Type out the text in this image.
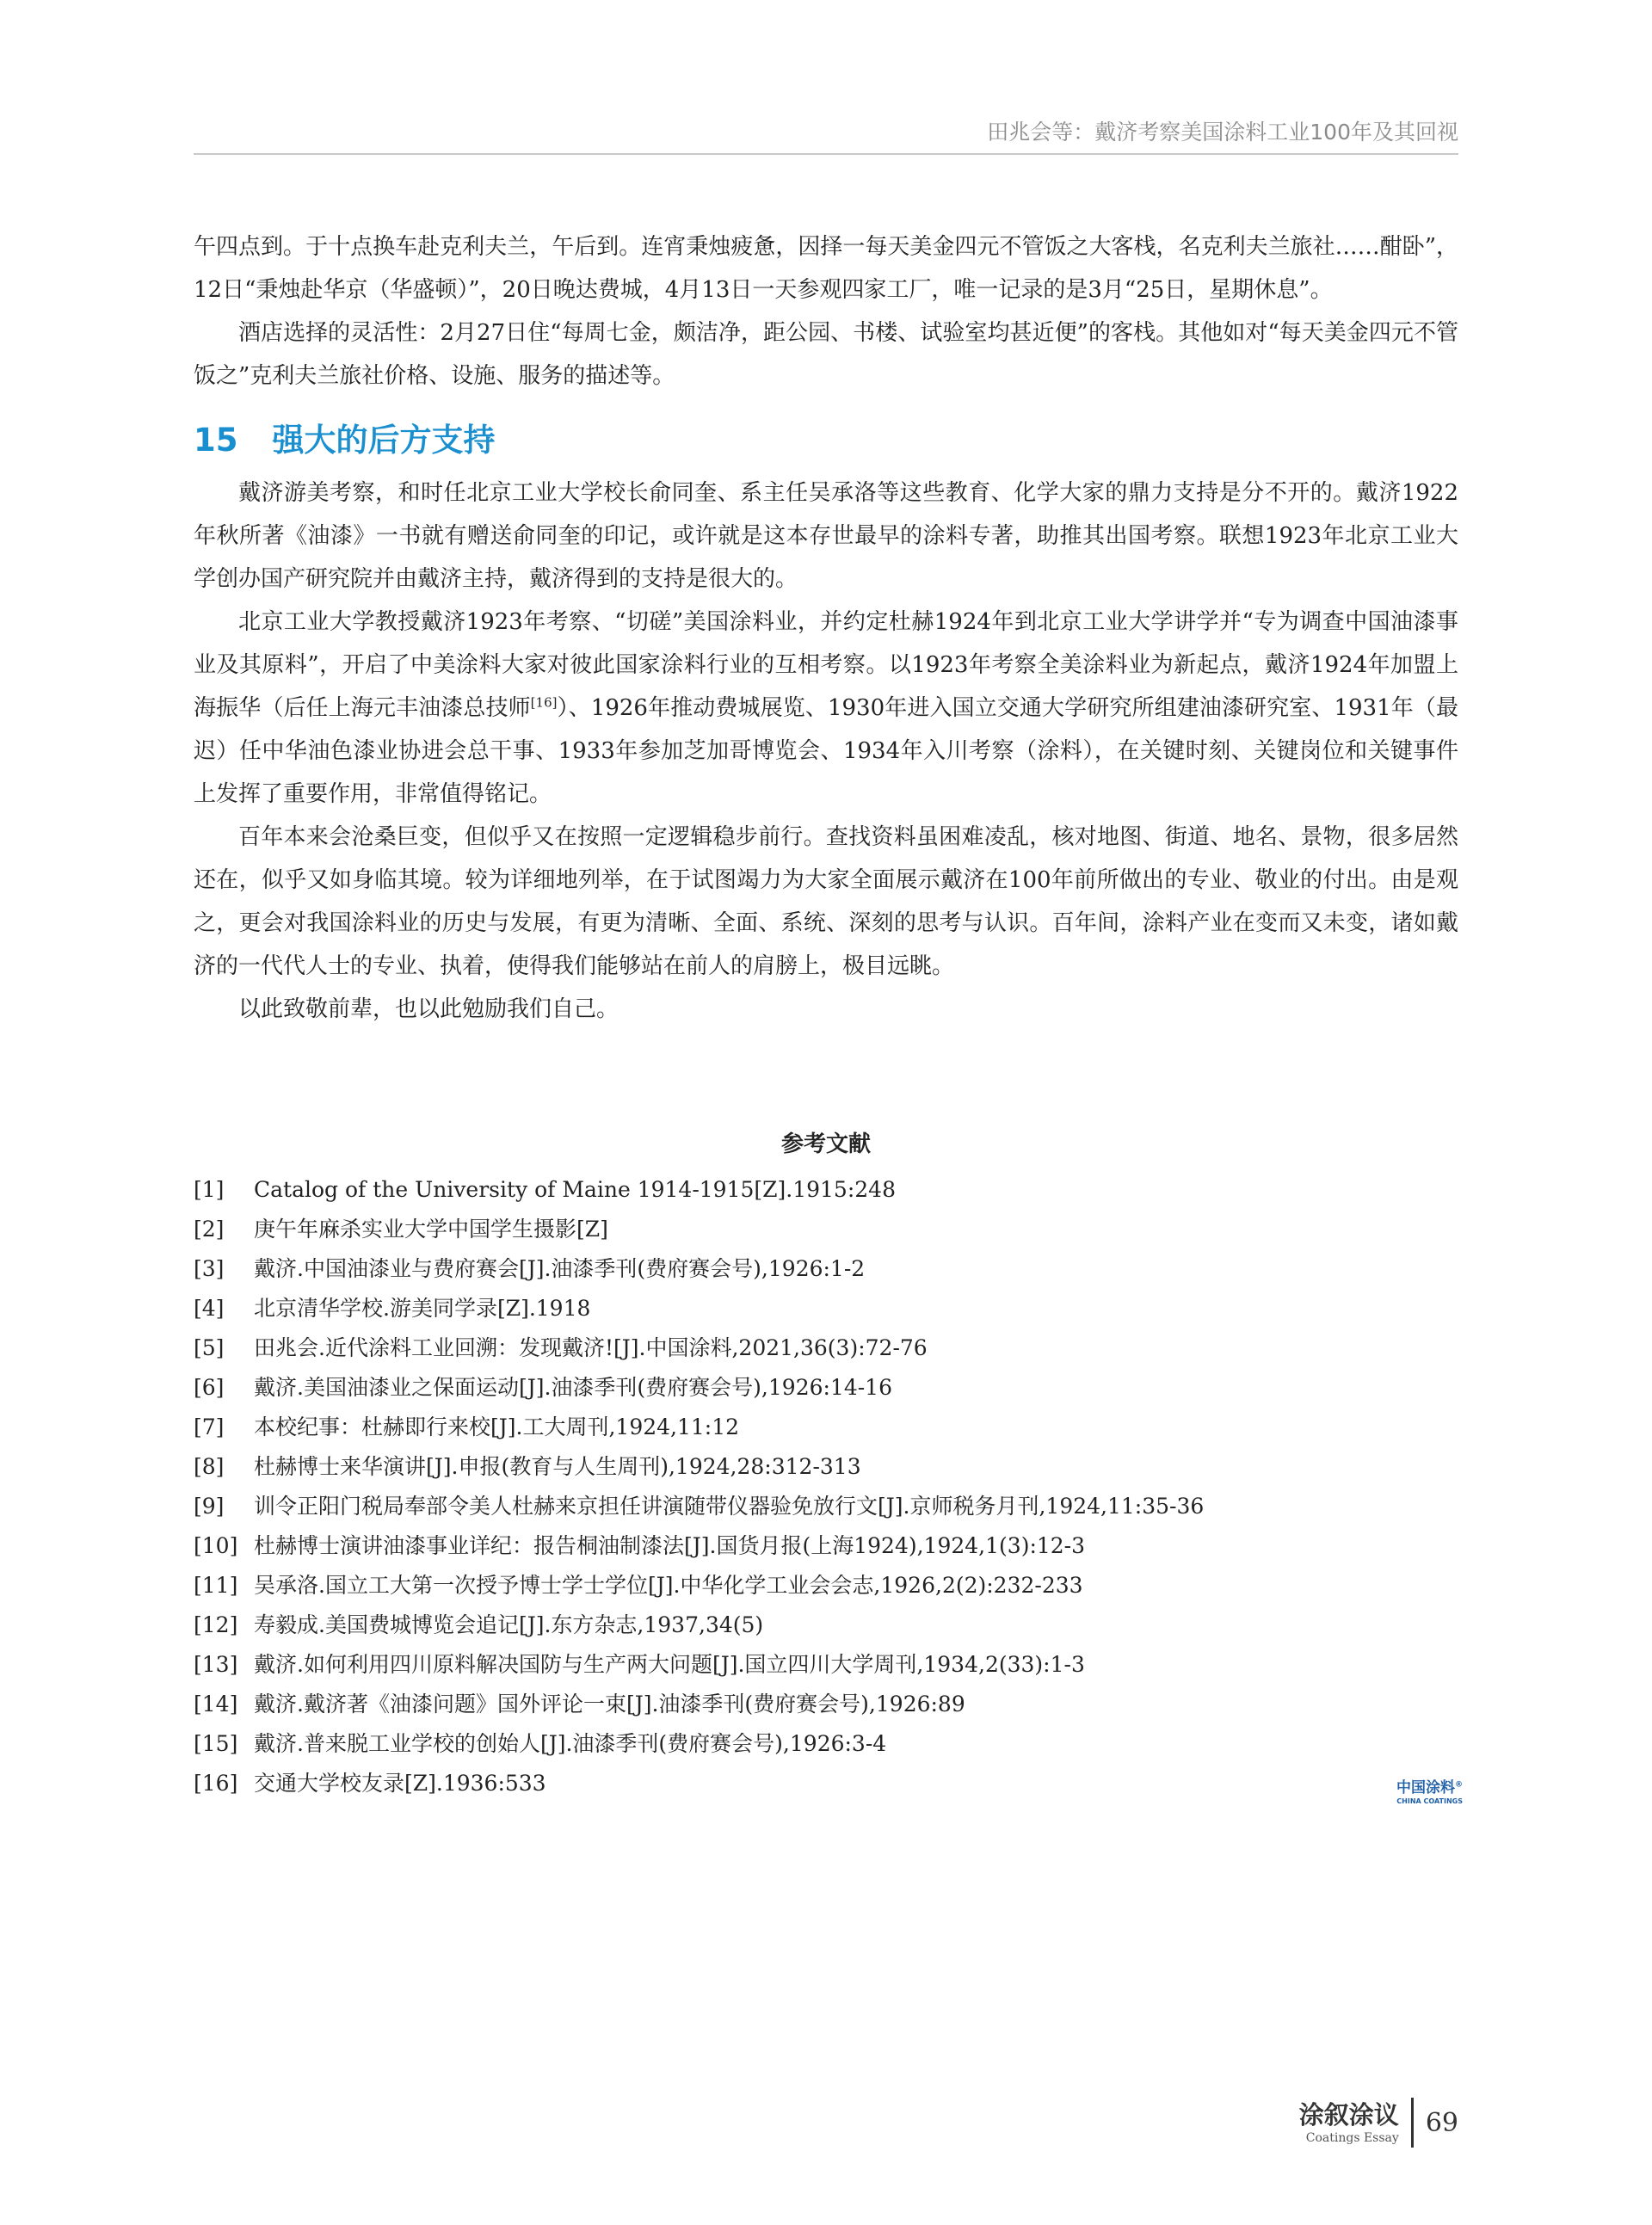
田兆会等：戴济考察美国涂料工业100年及其回视

午四点到。于十点换车赴克利夫兰，午后到。连宵秉烛疲惫，因择一每天美金四元不管饭之大客栈，名克利夫兰旅社……酣卧”，12日“秉烛赴华京（华盛顿）”，20日晚达费城，4月13日一天参观四家工厂，唯一记录的是3月“25日，星期休息”。

酒店选择的灵活性：2月27日住“每周七金，颇洁净，距公园、书楼、试验室均甚近便”的客栈。其他如对“每天美金四元不管饭之”克利夫兰旅社价格、设施、服务的描述等。

15 强大的后方支持

戴济游美考察，和时任北京工业大学校长俞同奎、系主任吴承洛等这些教育、化学大家的鼎力支持是分不开的。戴济1922年秋所著《油漆》一书就有赠送俞同奎的印记，或许就是这本存世最早的涂料专著，助推其出国考察。联想1923年北京工业大学创办国产研究院并由戴济主持，戴济得到的支持是很大的。

北京工业大学教授戴济1923年考察、“切磋”美国涂料业，并约定杜赫1924年到北京工业大学讲学并“专为调查中国油漆事业及其原料”，开启了中美涂料大家对彼此国家涂料行业的互相考察。以1923年考察全美涂料业为新起点，戴济1924年加盟上海振华（后任上海元丰油漆总技师[16]）、1926年推动费城展览、1930年进入国立交通大学研究所组建油漆研究室、1931年（最迟）任中华油色漆业协进会总干事、1933年参加芝加哥博览会、1934年入川考察（涂料），在关键时刻、关键岗位和关键事件上发挥了重要作用，非常值得铭记。

百年本来会沧桑巨变，但似乎又在按照一定逻辑稳步前行。查找资料虽困难凌乱，核对地图、街道、地名、景物，很多居然还在，似乎又如身临其境。较为详细地列举，在于试图竭力为大家全面展示戴济在100年前所做出的专业、敬业的付出。由是观之，更会对我国涂料业的历史与发展，有更为清晰、全面、系统、深刻的思考与认识。百年间，涂料产业在变而又未变，诸如戴济的一代代人士的专业、执着，使得我们能够站在前人的肩膀上，极目远眺。

以此致敬前辈，也以此勉励我们自己。

参考文献
[1]	Catalog of the University of Maine 1914-1915[Z].1915:248
[2]	庚午年麻杀实业大学中国学生摄影[Z]
[3]	戴济.中国油漆业与费府赛会[J].油漆季刊(费府赛会号),1926:1-2
[4]	北京清华学校.游美同学录[Z].1918
[5]	田兆会.近代涂料工业回溯：发现戴济![J].中国涂料,2021,36(3):72-76
[6]	戴济.美国油漆业之保面运动[J].油漆季刊(费府赛会号),1926:14-16
[7]	本校纪事：杜赫即行来校[J].工大周刊,1924,11:12
[8]	杜赫博士来华演讲[J].申报(教育与人生周刊),1924,28:312-313
[9]	训令正阳门税局奉部令美人杜赫来京担任讲演随带仪器验免放行文[J].京师税务月刊,1924,11:35-36
[10] 杜赫博士演讲油漆事业详纪：报告桐油制漆法[J].国货月报(上海1924),1924,1(3):12-3
[11] 吴承洛.国立工大第一次授予博士学士学位[J].中华化学工业会会志,1926,2(2):232-233
[12] 寿毅成.美国费城博览会追记[J].东方杂志,1937,34(5)
[13] 戴济.如何利用四川原料解决国防与生产两大问题[J].国立四川大学周刊,1934,2(33):1-3
[14] 戴济.戴济著《油漆问题》国外评论一束[J].油漆季刊(费府赛会号),1926:89
[15] 戴济.普来脱工业学校的创始人[J].油漆季刊(费府赛会号),1926:3-4
[16] 交通大学校友录[Z].1936:533	中国涂料®
CHINA COATINGS
涂叙涂议
Coatings Essay
69
